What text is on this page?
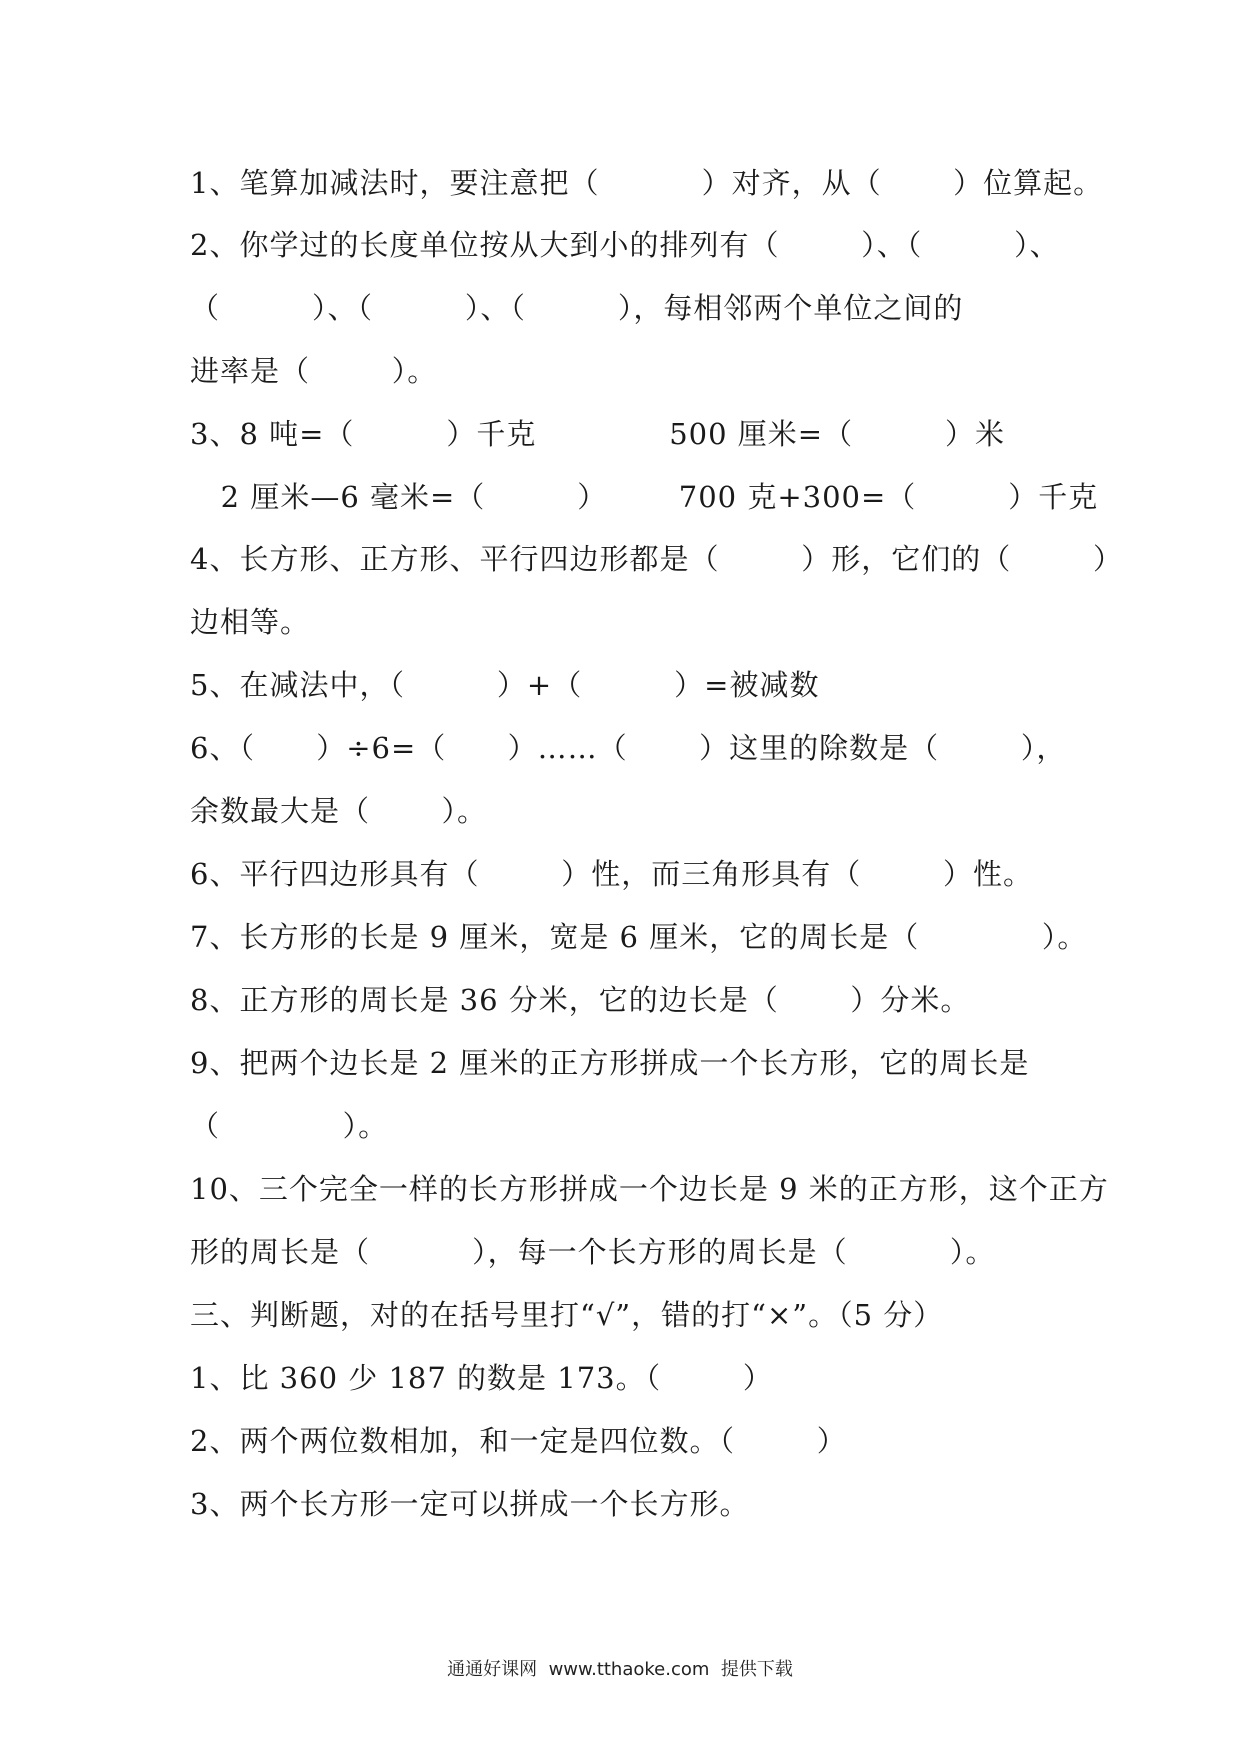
1、笔算加减法时，要注意把（          ）对齐，从（       ）位算起。
2、你学过的长度单位按从大到小的排列有（        ）、（         ）、
（         ）、（         ）、（         ），每相邻两个单位之间的
进率是（        ）。
3、8 吨=（         ）千克             500 厘米=（         ）米
2 厘米—6 毫米=（         ）       700 克+300=（         ）千克
4、长方形、正方形、平行四边形都是（        ）形，它们的（        ）
边相等。
5、在减法中，（         ）+（         ）=被减数
6、（      ）÷6=（      ）……（       ）这里的除数是（        ），
余数最大是（       ）。
6、平行四边形具有（        ）性，而三角形具有（        ）性。
7、长方形的长是 9 厘米，宽是 6 厘米，它的周长是（            ）。
8、正方形的周长是 36 分米，它的边长是（       ）分米。
9、把两个边长是 2 厘米的正方形拼成一个长方形，它的周长是
（            ）。
10、三个完全一样的长方形拼成一个边长是 9 米的正方形，这个正方
形的周长是（          ），每一个长方形的周长是（          ）。
三、判断题，对的在括号里打“√”，错的打“×”。（5 分）
1、比 360 少 187 的数是 173。（        ）
2、两个两位数相加，和一定是四位数。（        ）
3、两个长方形一定可以拼成一个长方形。
通通好课网  www.tthaoke.com  提供下载
